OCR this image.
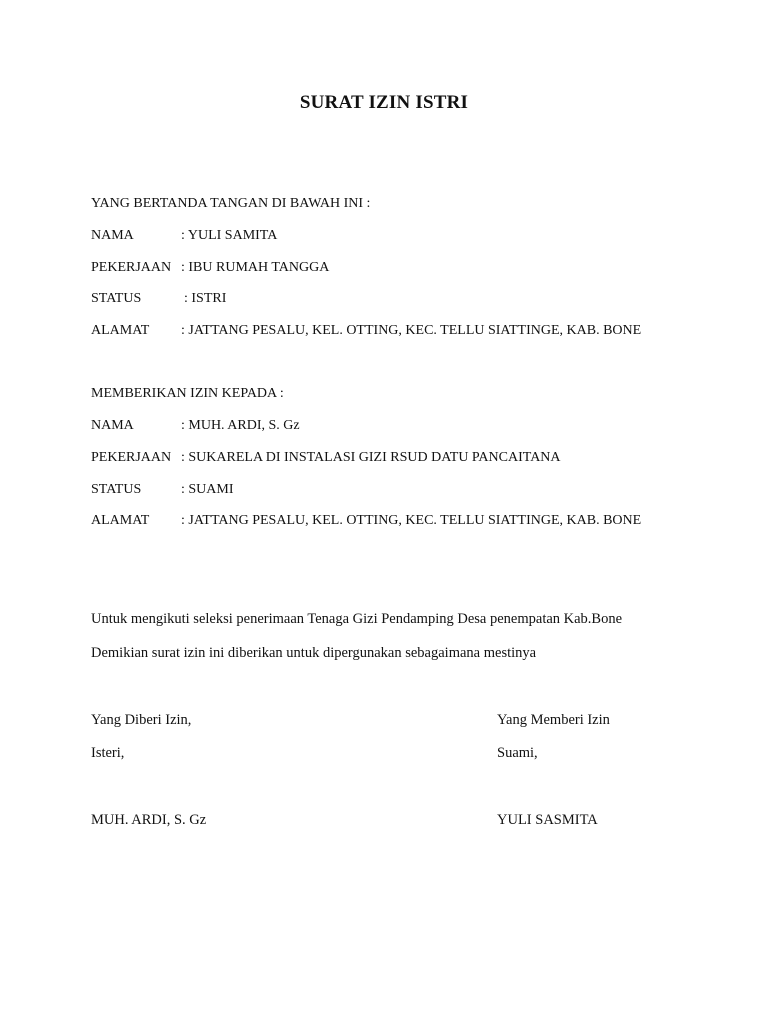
SURAT IZIN ISTRI
YANG BERTANDA TANGAN DI BAWAH INI :
NAMA	: YULI SAMITA
PEKERJAAN : IBU RUMAH TANGGA
STATUS	: ISTRI
ALAMAT : JATTANG PESALU, KEL. OTTING, KEC. TELLU SIATTINGE, KAB. BONE
MEMBERIKAN IZIN KEPADA :
NAMA	: MUH. ARDI, S. Gz
PEKERJAAN : SUKARELA DI INSTALASI GIZI RSUD DATU PANCAITANA
STATUS	: SUAMI
ALAMAT : JATTANG PESALU, KEL. OTTING, KEC. TELLU SIATTINGE, KAB. BONE
Untuk mengikuti seleksi penerimaan Tenaga Gizi Pendamping Desa penempatan Kab.Bone
Demikian surat izin ini diberikan untuk dipergunakan sebagaimana mestinya
Yang Diberi Izin,	Yang Memberi Izin
Isteri,	Suami,
MUH. ARDI, S. Gz	YULI SASMITA
